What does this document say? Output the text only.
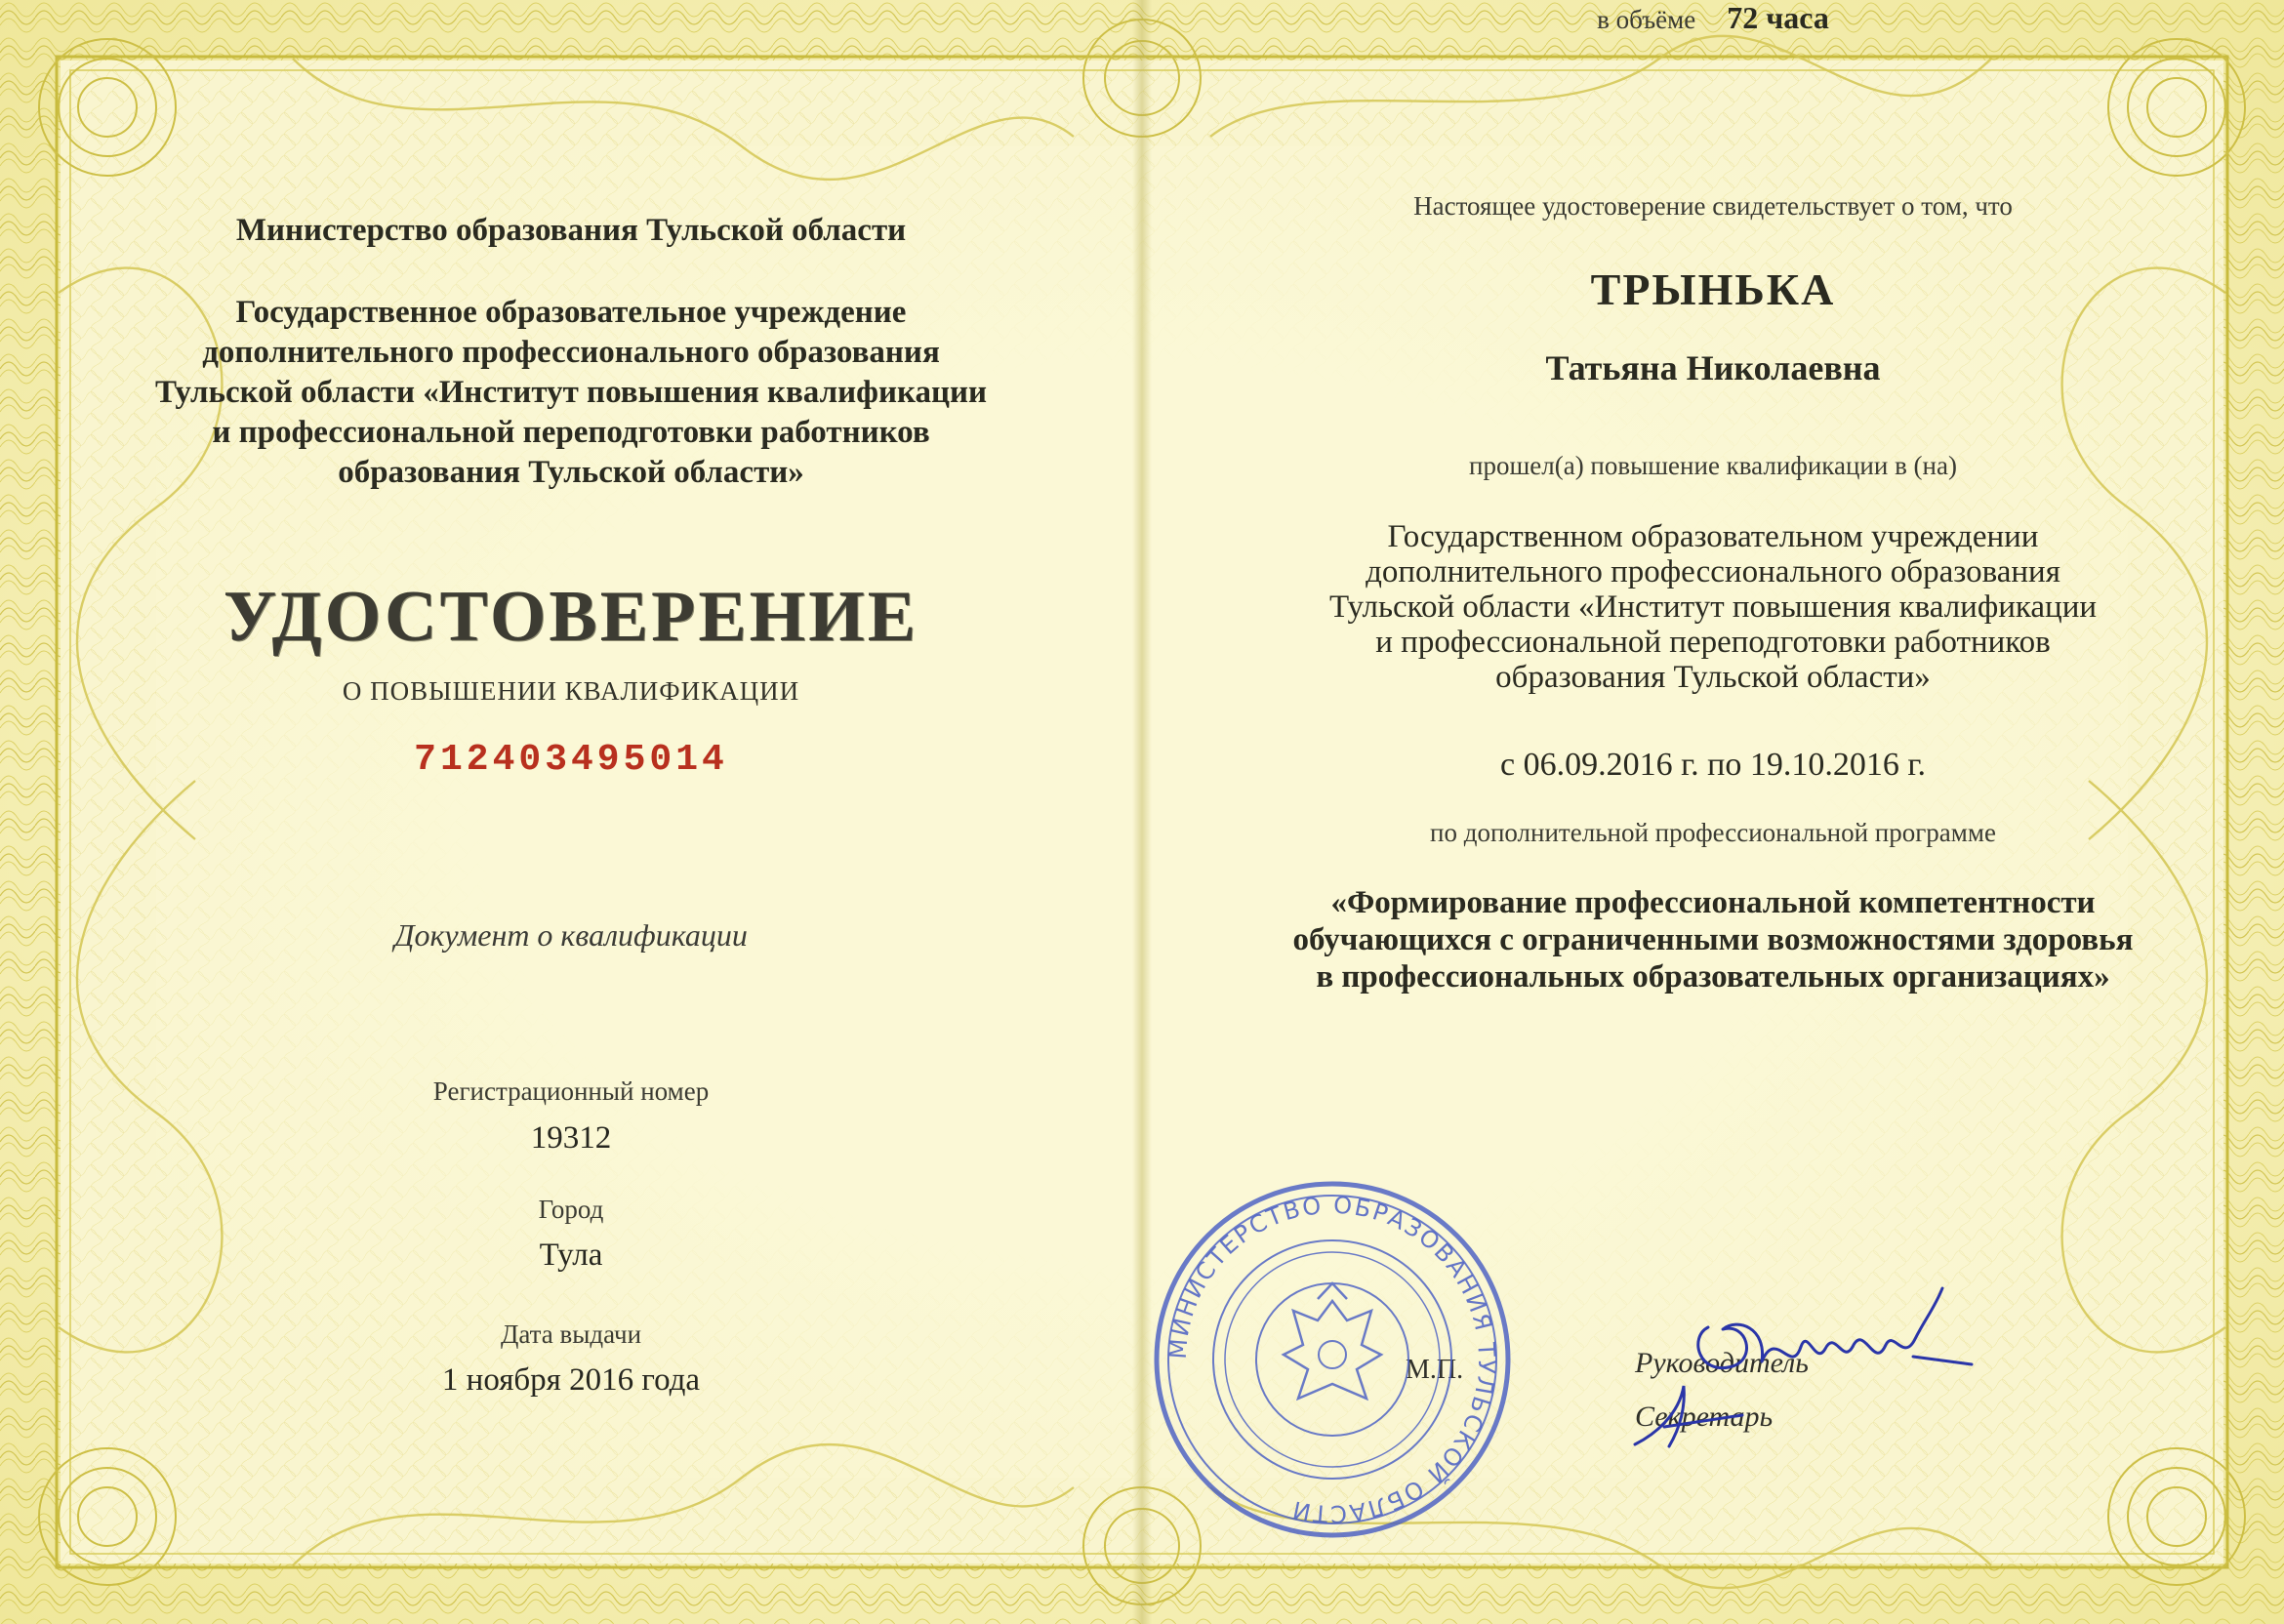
Министерство образования Тульской области
Государственное образовательное учреждение
дополнительного профессионального образования
Тульской области «Институт повышения квалификации
и профессиональной переподготовки работников
образования Тульской области»
УДОСТОВЕРЕНИЕ
О ПОВЫШЕНИИ КВАЛИФИКАЦИИ
712403495014
Документ о квалификации
Регистрационный номер
19312
Город
Тула
Дата выдачи
1 ноября 2016 года
Настоящее удостоверение свидетельствует о том, что
ТРЫНЬКА
Татьяна Николаевна
прошел(а) повышение квалификации в (на)
Государственном образовательном учреждении
дополнительного профессионального образования
Тульской области «Институт повышения квалификации
и профессиональной переподготовки работников
образования Тульской области»
с 06.09.2016 г. по 19.10.2016 г.
по дополнительной профессиональной программе
«Формирование профессиональной компетентности
обучающихся с ограниченными возможностями здоровья
в профессиональных образовательных организациях»
в объёме 72 часа
Руководитель
Секретарь
М.П.
МИНИСТЕРСТВО ОБРАЗОВАНИЯ ТУЛЬСКОЙ ОБЛАСТИ
